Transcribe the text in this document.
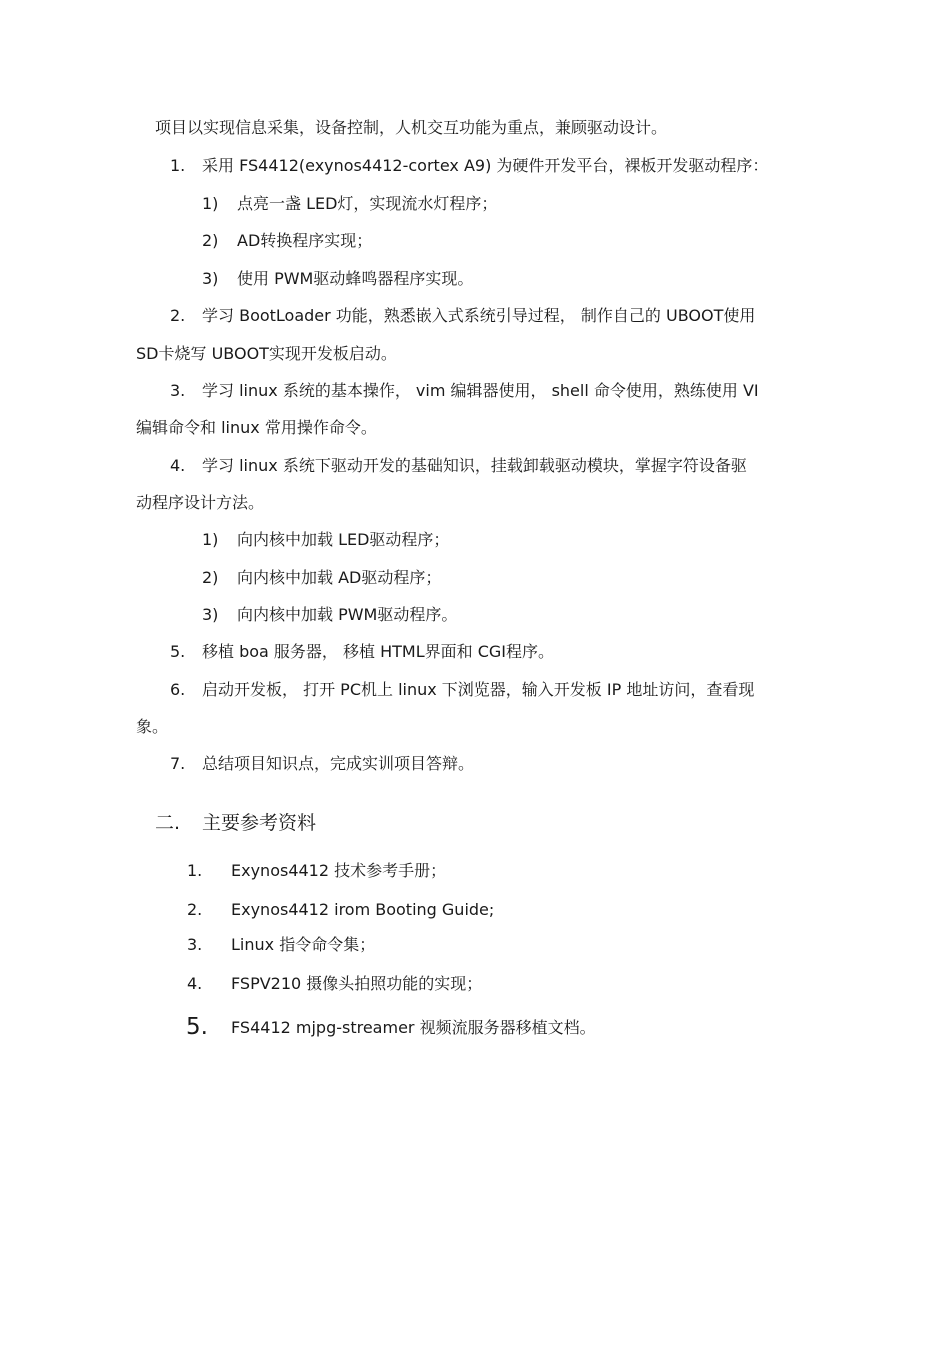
项目以实现信息采集，设备控制，人机交互功能为重点，兼顾驱动设计。
1. 采用 FS4412(exynos4412-cortex A9) 为硬件开发平台，裸板开发驱动程序：
1) 点亮一盏 LED灯，实现流水灯程序；
2) AD转换程序实现；
3) 使用 PWM驱动蜂鸣器程序实现。
2. 学习 BootLoader 功能，熟悉嵌入式系统引导过程， 制作自己的 UBOOT使用
SD卡烧写 UBOOT实现开发板启动。
3. 学习 linux 系统的基本操作， vim 编辑器使用， shell 命令使用，熟练使用 VI
编辑命令和 linux 常用操作命令。
4. 学习 linux 系统下驱动开发的基础知识，挂载卸载驱动模块，掌握字符设备驱
动程序设计方法。
1) 向内核中加载 LED驱动程序；
2) 向内核中加载 AD驱动程序；
3) 向内核中加载 PWM驱动程序。
5. 移植 boa 服务器， 移植 HTML界面和 CGI程序。
6. 启动开发板， 打开 PC机上 linux 下浏览器，输入开发板 IP 地址访问，查看现
象。
7. 总结项目知识点，完成实训项目答辩。
二. 主要参考资料
1. Exynos4412 技术参考手册；
2. Exynos4412 irom Booting Guide;
3. Linux 指令命令集；
4. FSPV210 摄像头拍照功能的实现；
5. FS4412 mjpg-streamer 视频流服务器移植文档。
